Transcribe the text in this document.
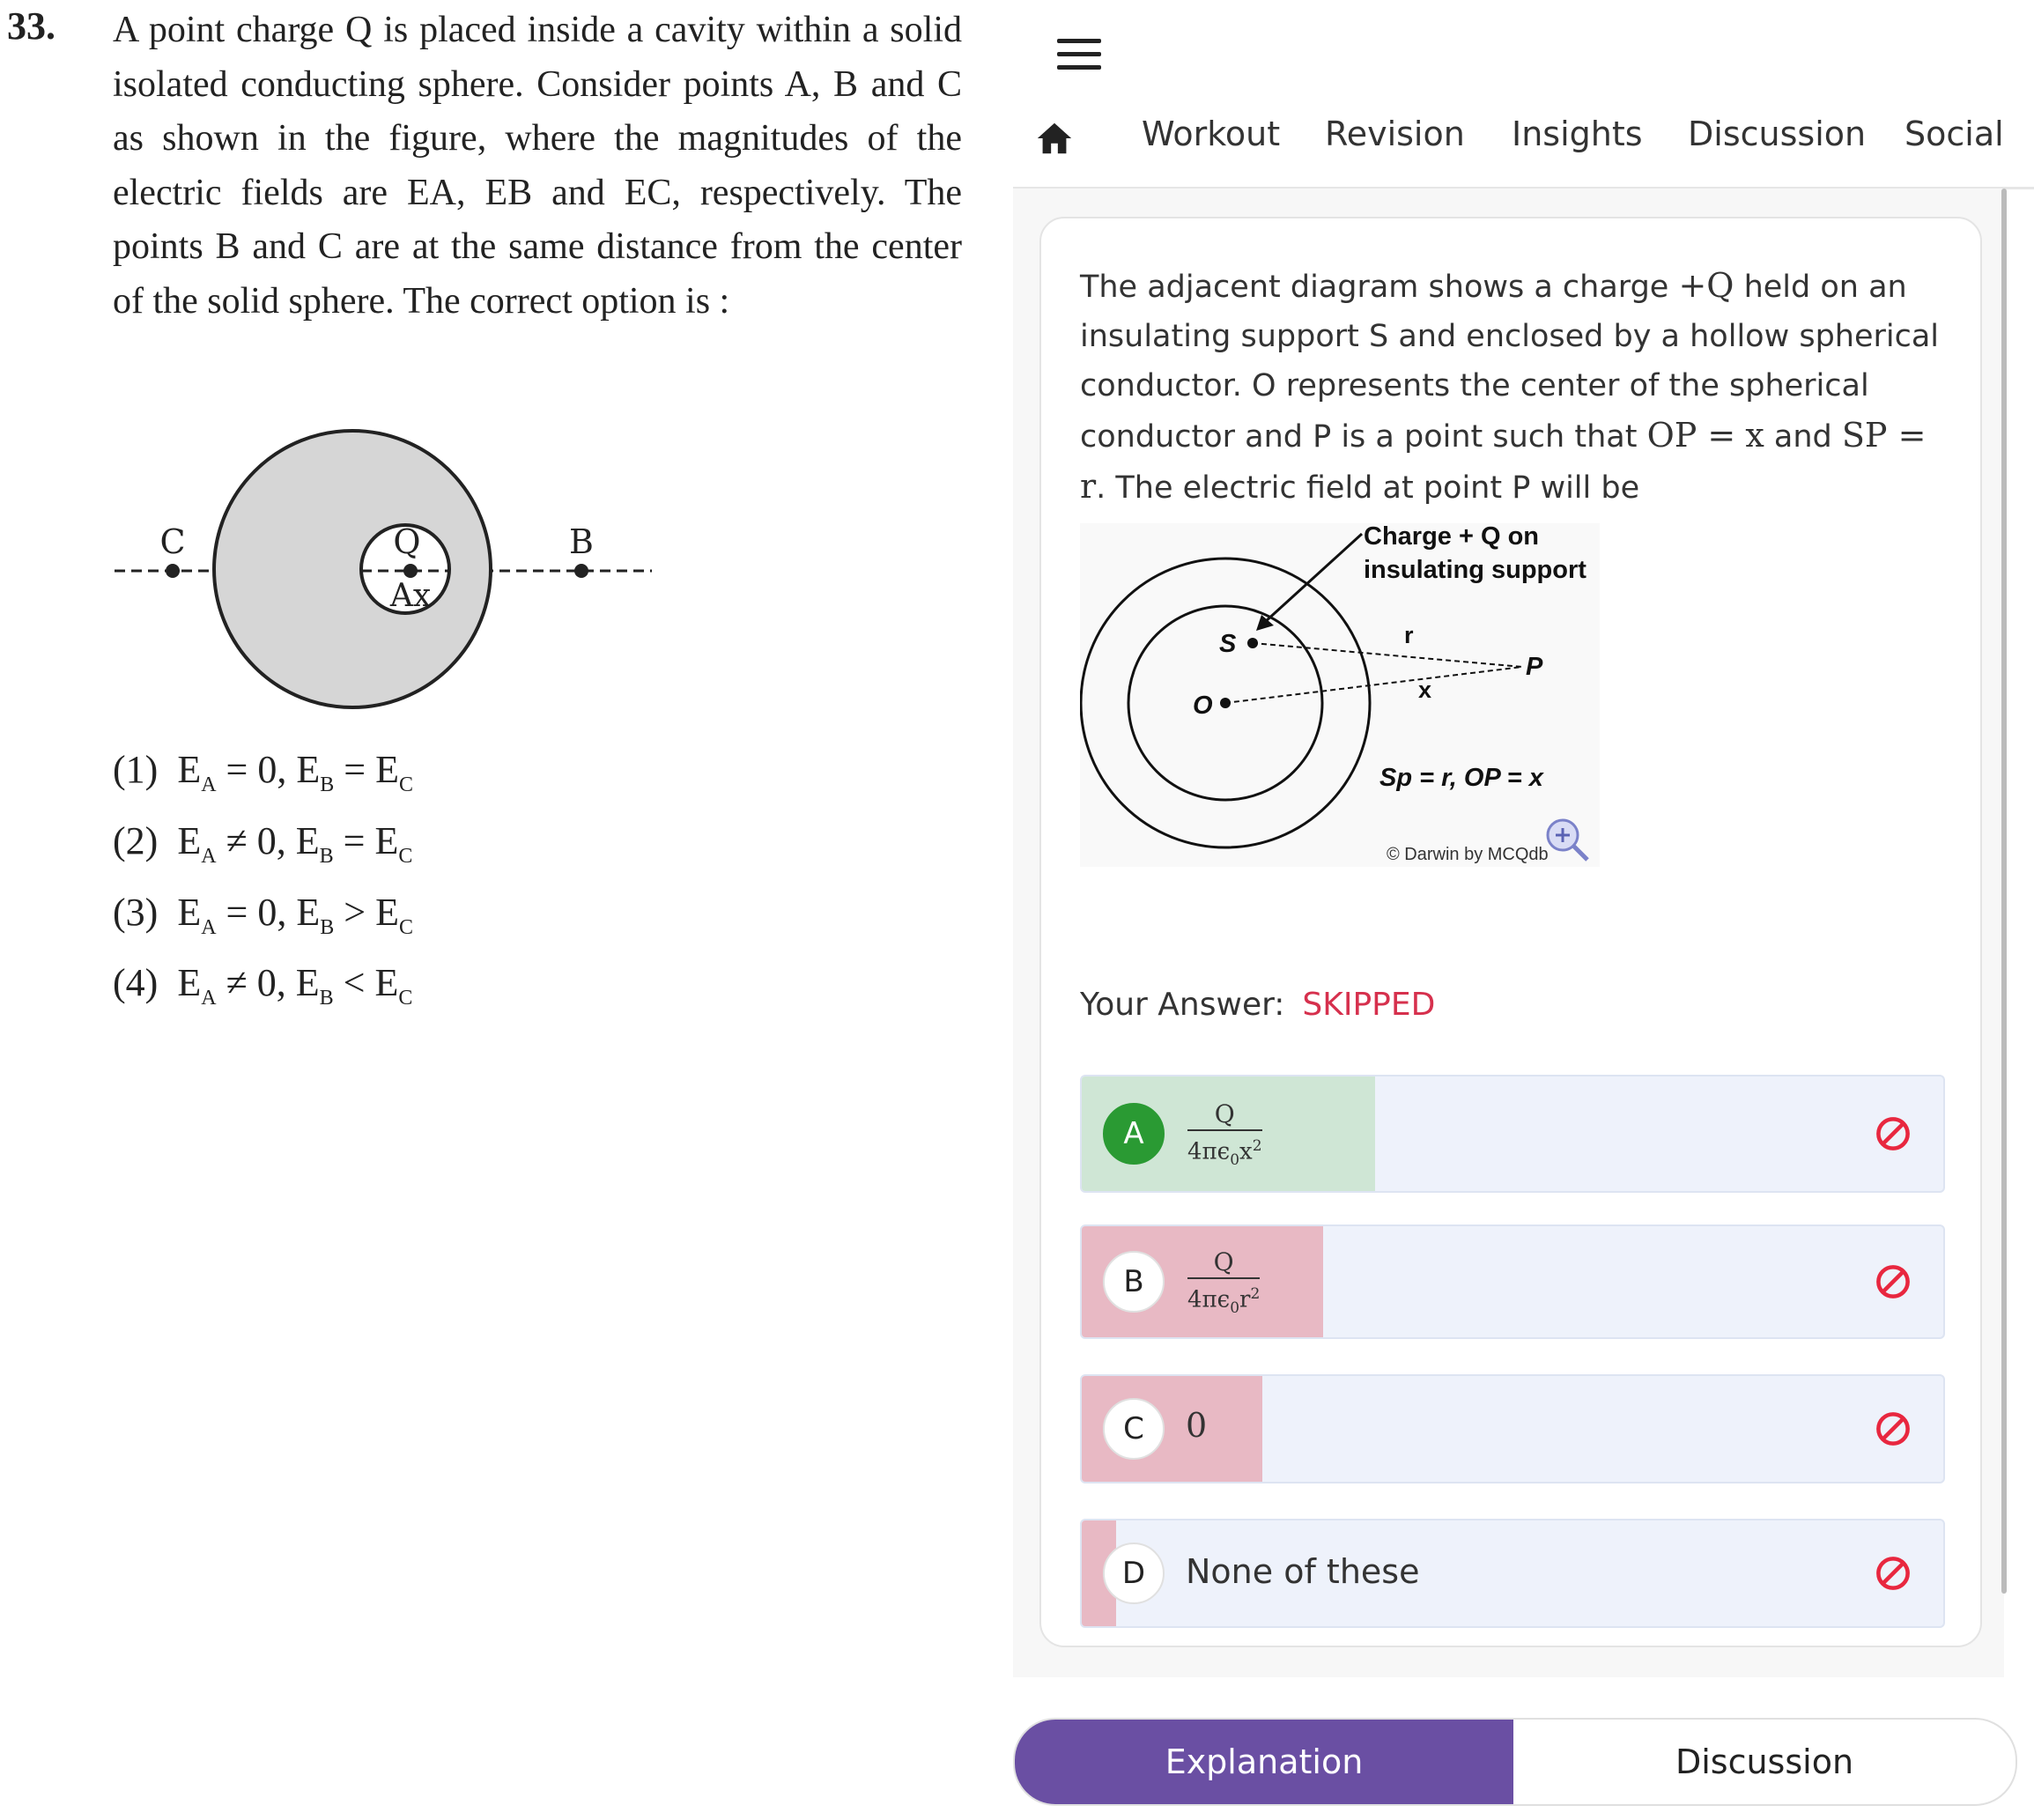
33. A point charge Q is placed inside a cavity within a solid isolated conducting sphere. Consider points A, B and C as shown in the figure, where the magnitudes of the electric fields are EA, EB and EC, respectively. The points B and C are at the same distance from the center of the solid sphere. The correct option is :
C	Q
Ax
B
(1) $E_A = 0$, $E_B = E_C$
(2) $E_A \ne 0$, $E_B = E_C$
(3) $E_A = 0$, $E_B > E_C$
(4) $E_A \ne 0$, $E_B < E_C$
Workout Revision Insights Discussion Social
The adjacent diagram shows a charge +Q held on an insulating support S and enclosed by a hollow spherical conductor. O represents the center of the spherical conductor and P is a point such that OP = x and SP = r. The electric field at point P will be
Charge + Q on
insulating support
S
O
r
x
P
Sp = r, OP = x
© Darwin by MCQdb
Your Answer: SKIPPED
A	$\frac{Q}{4\pi\epsilon_0x^2}$
B	$\frac{Q}{4\pi\epsilon_0r^2}$
C	0
D	None of these
Explanation	Discussion
